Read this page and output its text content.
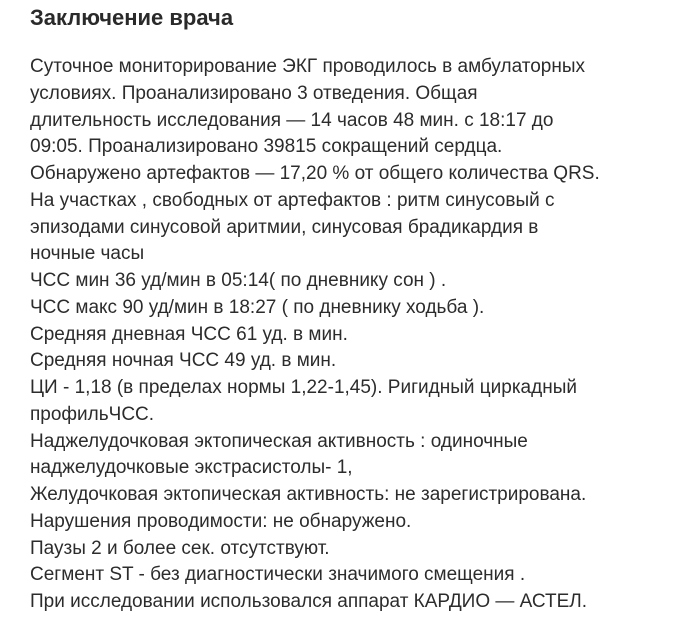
Заключение врача
Суточное мониторирование ЭКГ проводилось в амбулаторных
условиях. Проанализировано 3 отведения. Общая
длительность исследования — 14 часов 48 мин. с 18:17 до
09:05. Проанализировано 39815 сокращений сердца.
Обнаружено артефактов — 17,20 % от общего количества QRS.
На участках , свободных от артефактов : ритм синусовый с
эпизодами синусовой аритмии, синусовая брадикардия в
ночные часы
ЧСС мин 36 уд/мин в 05:14( по дневнику сон ) .
ЧСС макс 90 уд/мин в 18:27 ( по дневнику ходьба ).
Средняя дневная ЧСС 61 уд. в мин.
Средняя ночная ЧСС 49 уд. в мин.
ЦИ - 1,18 (в пределах нормы 1,22-1,45). Ригидный циркадный
профильЧСС.
Наджелудочковая эктопическая активность : одиночные
наджелудочковые экстрасистолы- 1,
Желудочковая эктопическая активность: не зарегистрирована.
Нарушения проводимости: не обнаружено.
Паузы 2 и более сек. отсутствуют.
Сегмент ST - без диагностически значимого смещения .
При исследовании использовался аппарат КАРДИО — АСТЕЛ.
